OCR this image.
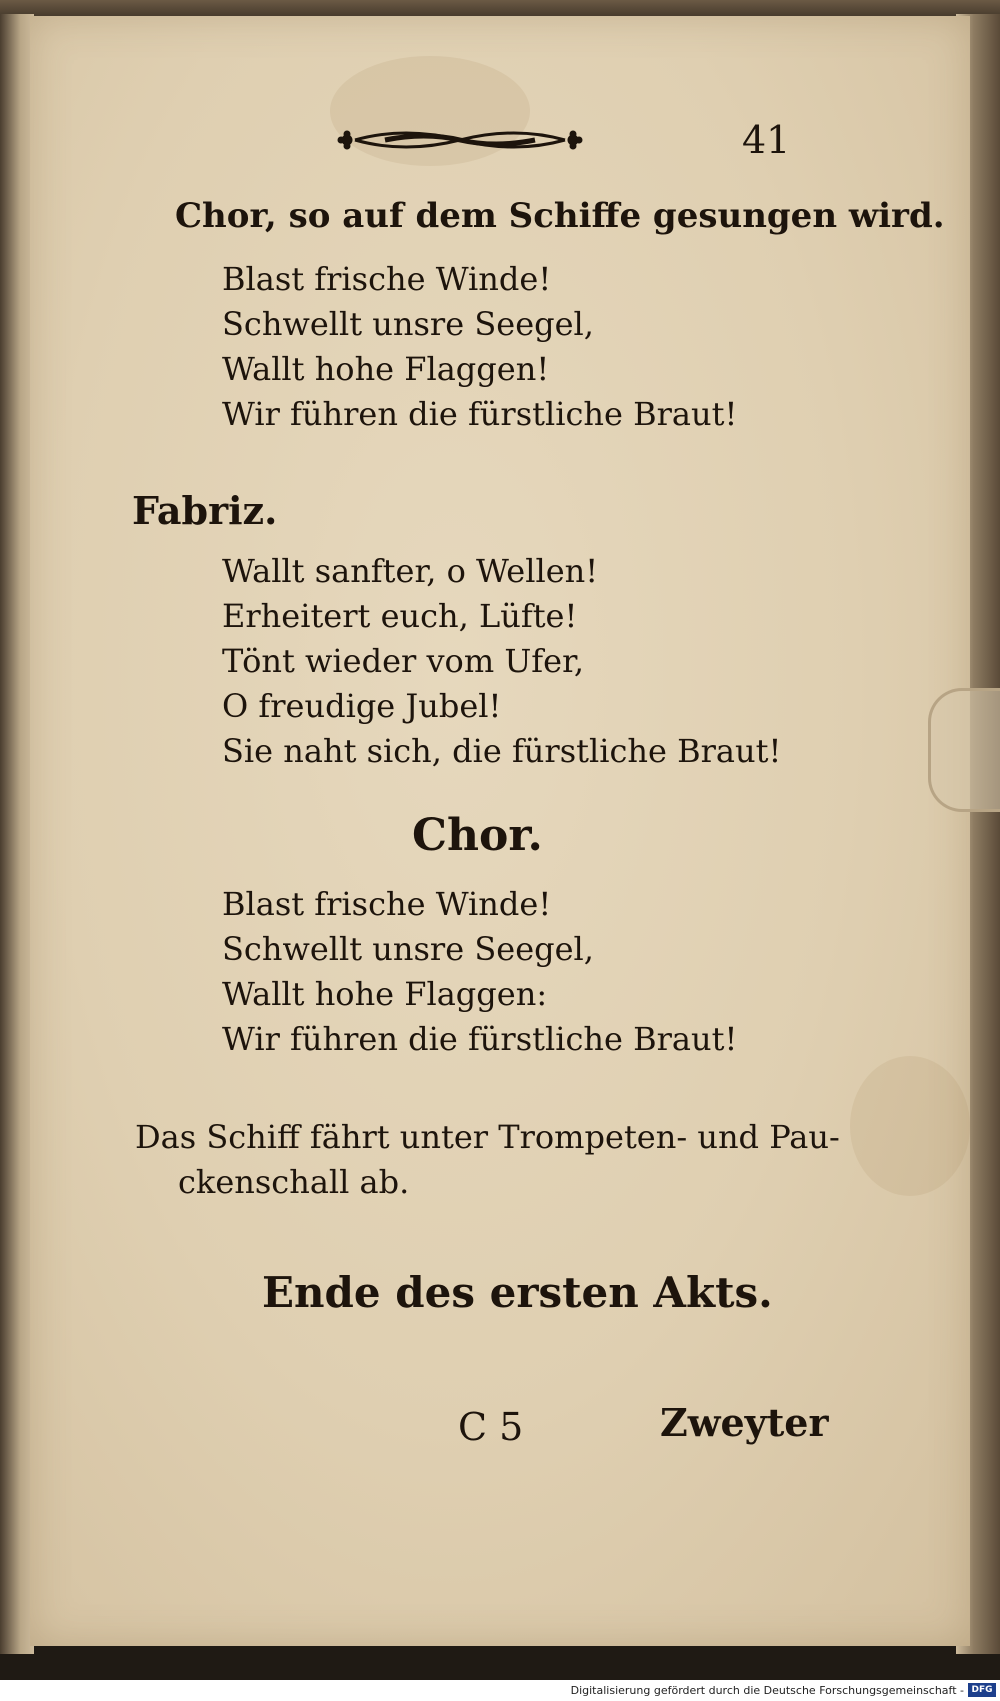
41
Chor, so auf dem Schiffe gesungen wird.
Blast frische Winde!
Schwellt unsre Seegel,
Wallt hohe Flaggen!
Wir führen die fürstliche Braut!
Fabriz.
Wallt sanfter, o Wellen!
Erheitert euch, Lüfte!
Tönt wieder vom Ufer,
O freudige Jubel!
Sie naht sich, die fürstliche Braut!
Chor.
Blast frische Winde!
Schwellt unsre Seegel,
Wallt hohe Flaggen:
Wir führen die fürstliche Braut!
Das Schiff fährt unter Trompeten- und Pau-
ckenschall ab.
Ende des ersten Akts.
C 5	Zweyter
Digitalisierung gefördert durch die Deutsche Forschungsgemeinschaft - DFG
